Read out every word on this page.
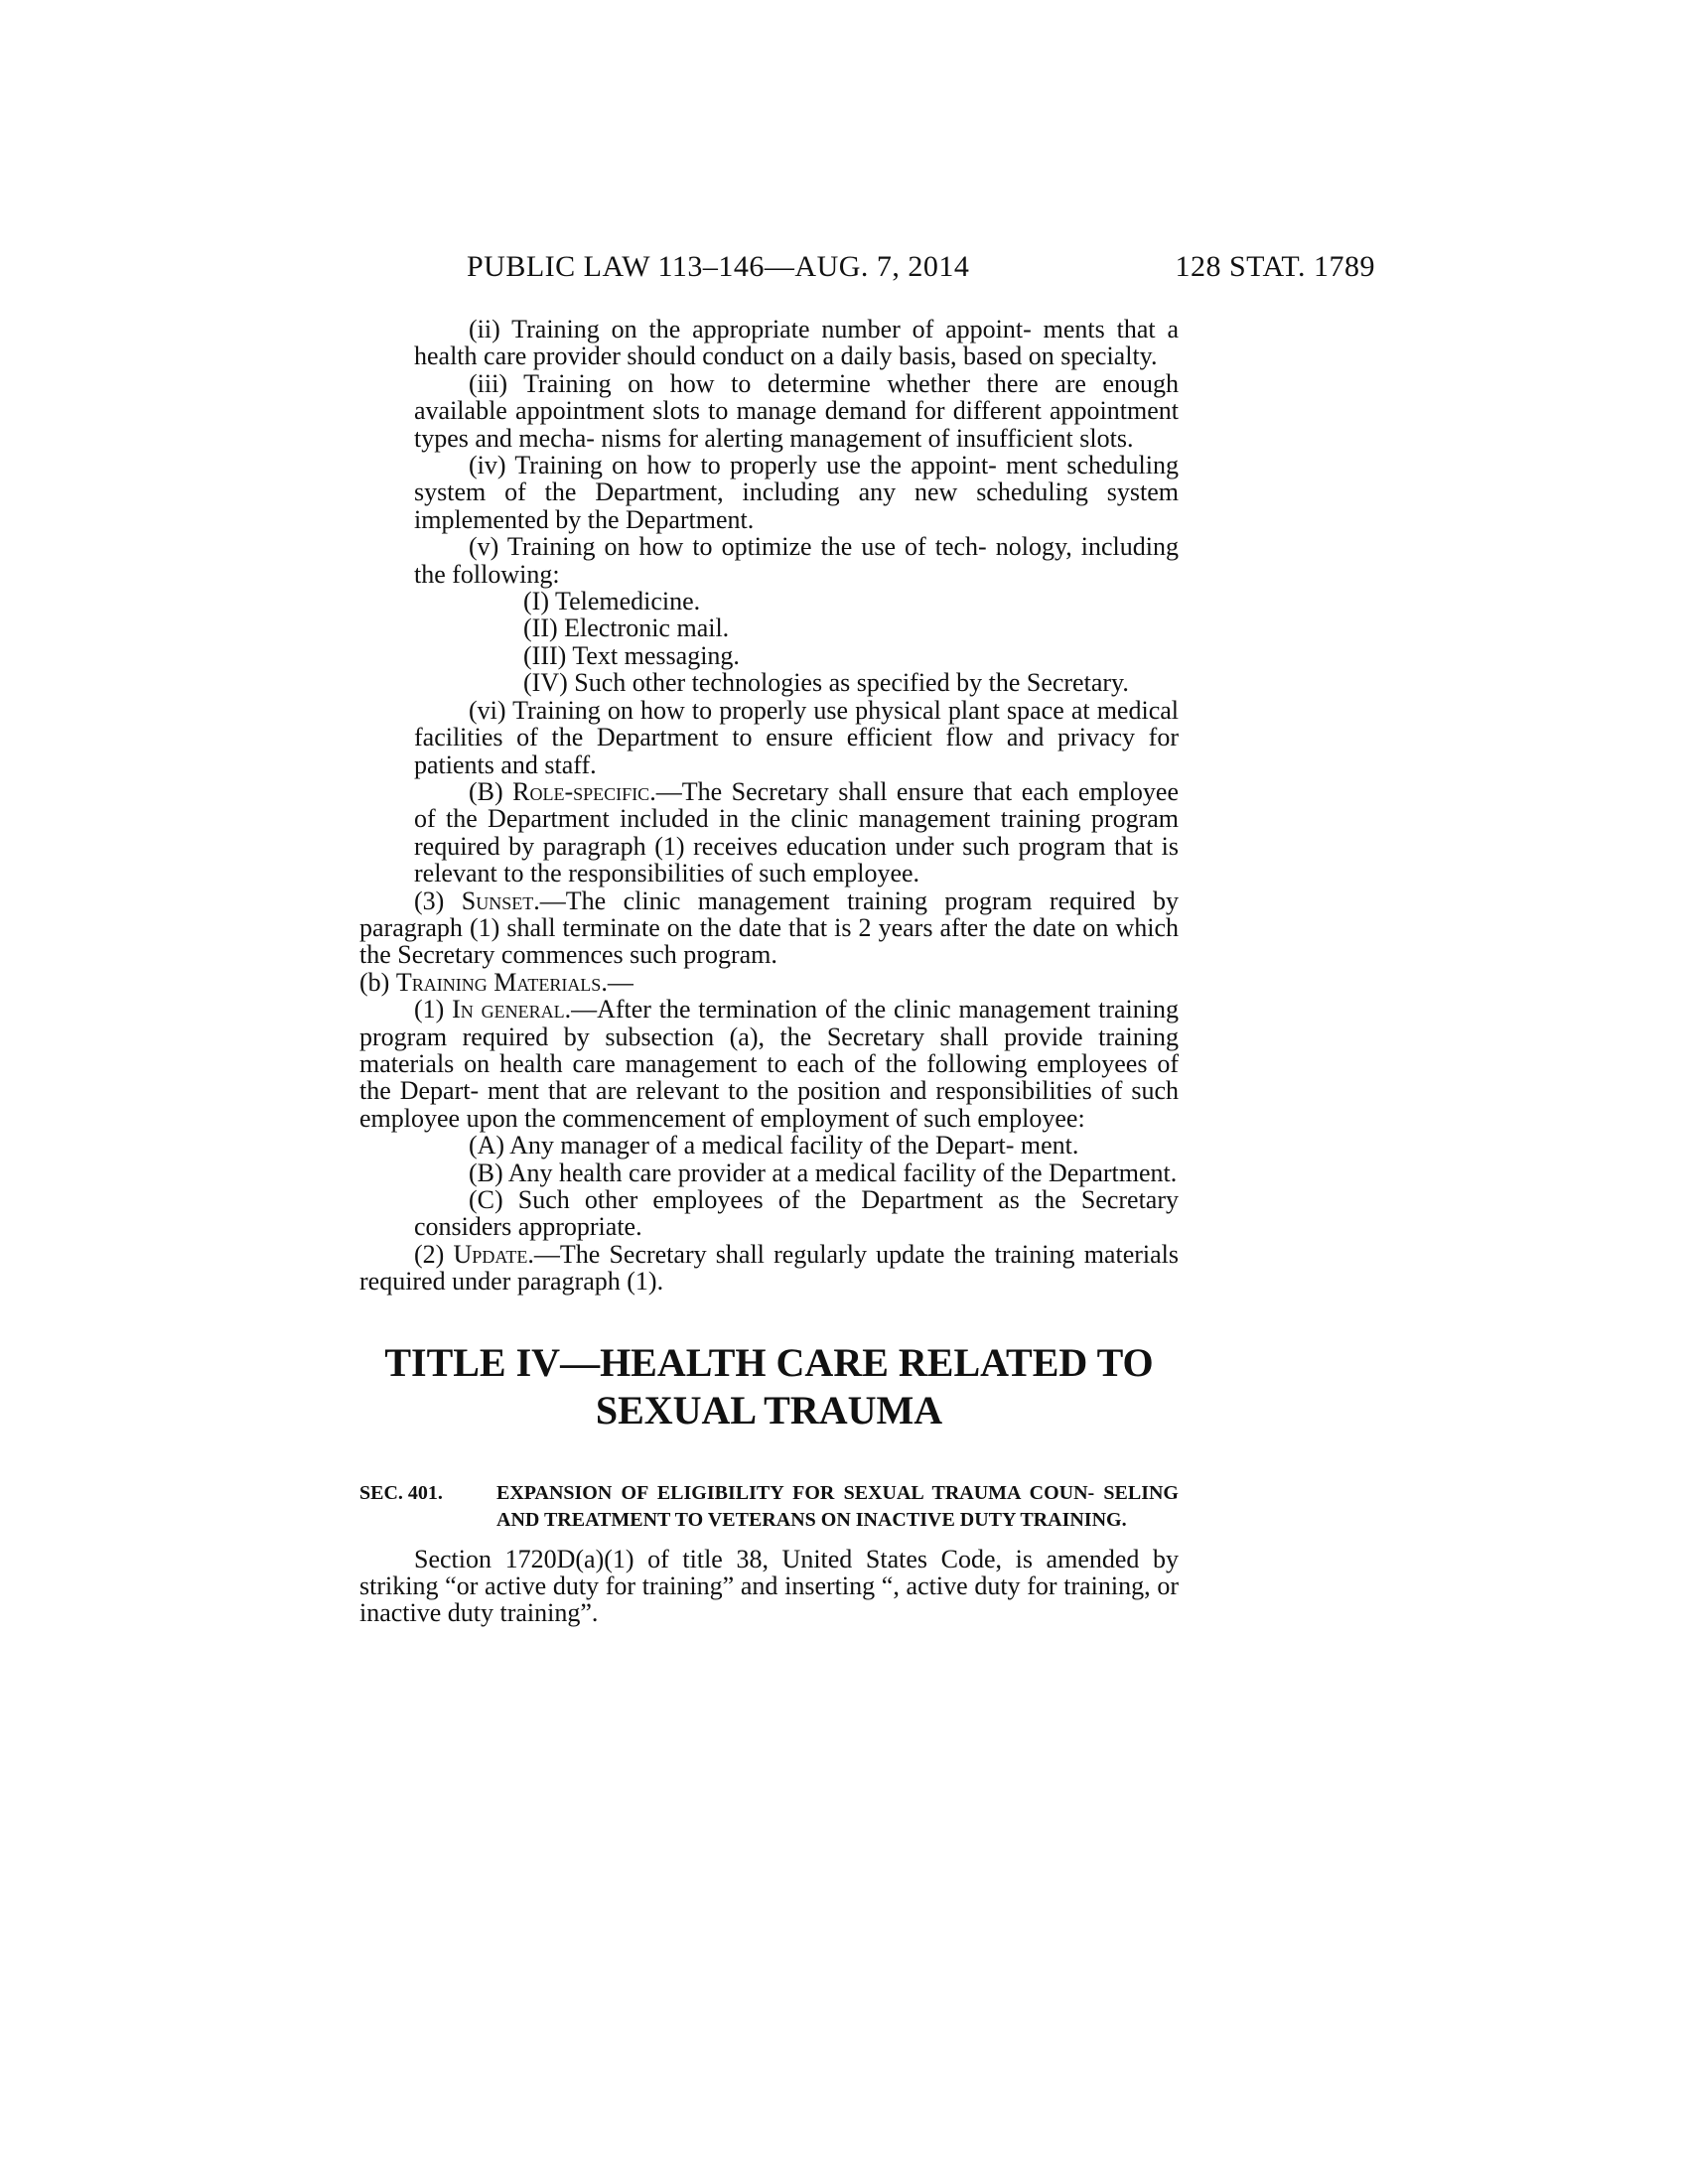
PUBLIC LAW 113–146—AUG. 7, 2014	128 STAT. 1789

(ii) Training on the appropriate number of appoint- ments that a health care provider should conduct on a daily basis, based on specialty.

(iii) Training on how to determine whether there are enough available appointment slots to manage demand for different appointment types and mecha- nisms for alerting management of insufficient slots.

(iv) Training on how to properly use the appoint- ment scheduling system of the Department, including any new scheduling system implemented by the Department.

(v) Training on how to optimize the use of tech- nology, including the following:

(I) Telemedicine.

(II) Electronic mail.

(III) Text messaging.

(IV) Such other technologies as specified by the Secretary.

(vi) Training on how to properly use physical plant space at medical facilities of the Department to ensure efficient flow and privacy for patients and staff.

(B) Role-specific.—The Secretary shall ensure that each employee of the Department included in the clinic management training program required by paragraph (1) receives education under such program that is relevant to the responsibilities of such employee.

(3) Sunset.—The clinic management training program required by paragraph (1) shall terminate on the date that is 2 years after the date on which the Secretary commences such program.

(b) Training Materials.—

(1) In general.—After the termination of the clinic management training program required by subsection (a), the Secretary shall provide training materials on health care management to each of the following employees of the Depart- ment that are relevant to the position and responsibilities of such employee upon the commencement of employment of such employee:

(A) Any manager of a medical facility of the Depart- ment.

(B) Any health care provider at a medical facility of the Department.

(C) Such other employees of the Department as the Secretary considers appropriate.

(2) Update.—The Secretary shall regularly update the training materials required under paragraph (1).

TITLE IV—HEALTH CARE RELATED TO
SEXUAL TRAUMA

SEC. 401.	EXPANSION OF ELIGIBILITY FOR SEXUAL TRAUMA COUN- SELING AND TREATMENT TO VETERANS ON INACTIVE DUTY TRAINING.

Section 1720D(a)(1) of title 38, United States Code, is amended by striking “or active duty for training” and inserting “, active duty for training, or inactive duty training”.
